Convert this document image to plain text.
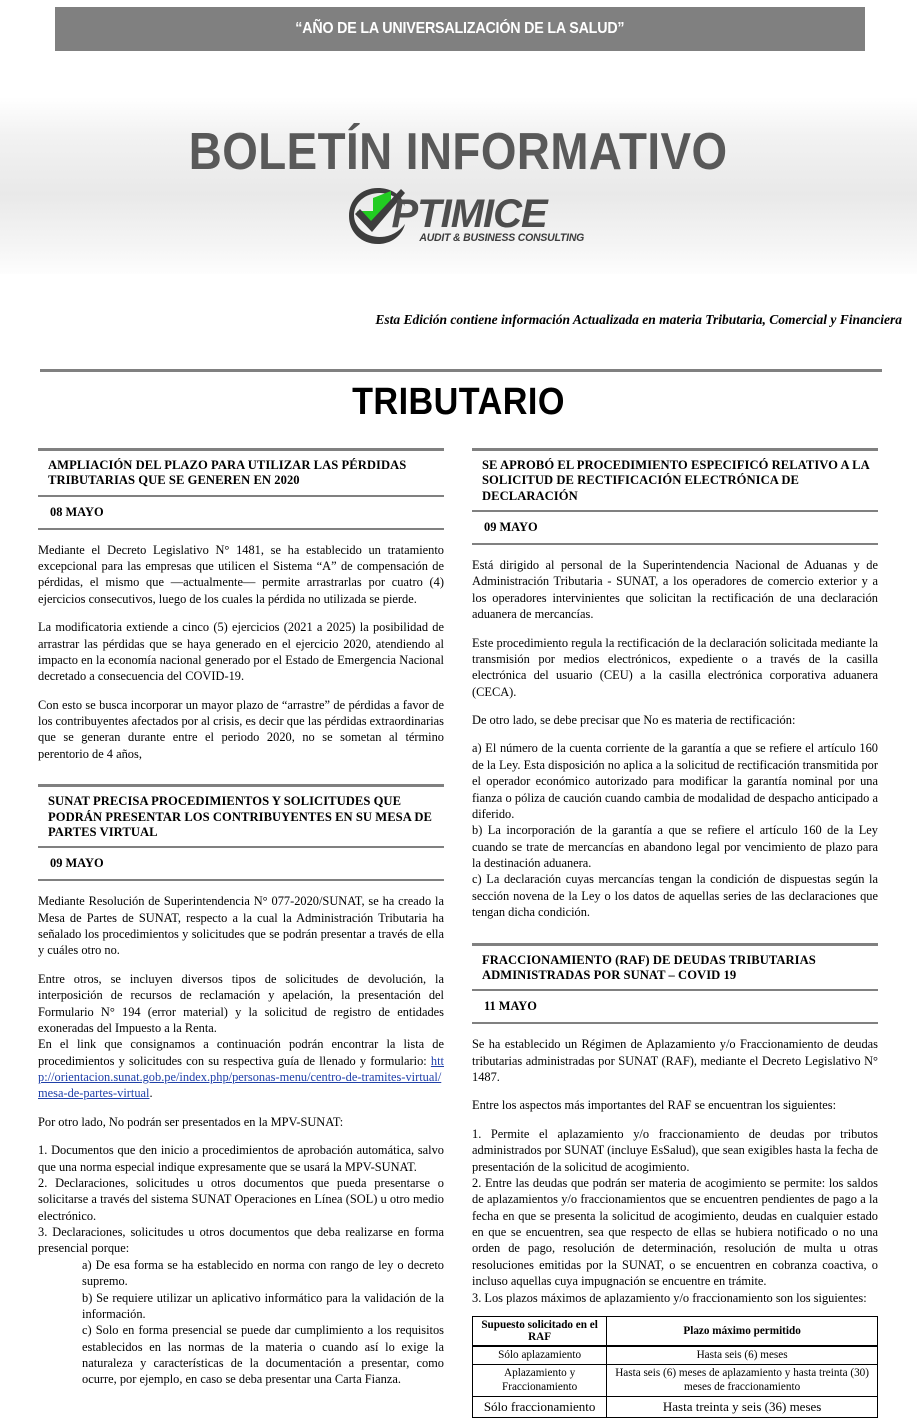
“AÑO DE LA UNIVERSALIZACIÓN DE LA SALUD”
BOLETÍN INFORMATIVO
PTIMICE
AUDIT & BUSINESS CONSULTING
Esta Edición contiene información Actualizada en materia Tributaria, Comercial y Financiera
TRIBUTARIO
AMPLIACIÓN DEL PLAZO PARA UTILIZAR LAS PÉRDIDAS TRIBUTARIAS QUE SE GENEREN EN 2020
08 MAYO

Mediante el Decreto Legislativo N° 1481, se ha establecido un tratamiento excepcional para las empresas que utilicen el Sistema “A” de compensación de pérdidas, el mismo que —actualmente— permite arrastrarlas por cuatro (4) ejercicios consecutivos, luego de los cuales la pérdida no utilizada se pierde.

La modificatoria extiende a cinco (5) ejercicios (2021 a 2025) la posibilidad de arrastrar las pérdidas que se haya generado en el ejercicio 2020, atendiendo al impacto en la economía nacional generado por el Estado de Emergencia Nacional decretado a consecuencia del COVID-19.

Con esto se busca incorporar un mayor plazo de “arrastre” de pérdidas a favor de los contribuyentes afectados por al crisis, es decir que las pérdidas extraordinarias que se generan durante entre el periodo 2020, no se sometan al término perentorio de 4 años,

SUNAT PRECISA PROCEDIMIENTOS Y SOLICITUDES QUE PODRÁN PRESENTAR LOS CONTRIBUYENTES EN SU MESA DE PARTES VIRTUAL
09 MAYO

Mediante Resolución de Superintendencia N° 077-2020/SUNAT, se ha creado la Mesa de Partes de SUNAT, respecto a la cual la Administración Tributaria ha señalado los procedimientos y solicitudes que se podrán presentar a través de ella y cuáles otro no.

Entre otros, se incluyen diversos tipos de solicitudes de devolución, la interposición de recursos de reclamación y apelación, la presentación del Formulario N° 194 (error material) y la solicitud de registro de entidades exoneradas del Impuesto a la Renta.

En el link que consignamos a continuación podrán encontrar la lista de procedimientos y solicitudes con su respectiva guía de llenado y formulario: http://orientacion.sunat.gob.pe/index.php/personas-menu/centro-de-tramites-virtual/mesa-de-partes-virtual.

Por otro lado, No podrán ser presentados en la MPV-SUNAT:

1. Documentos que den inicio a procedimientos de aprobación automática, salvo que una norma especial indique expresamente que se usará la MPV-SUNAT.

2. Declaraciones, solicitudes u otros documentos que pueda presentarse o solicitarse a través del sistema SUNAT Operaciones en Línea (SOL) u otro medio electrónico.

3. Declaraciones, solicitudes u otros documentos que deba realizarse en forma presencial porque:

a) De esa forma se ha establecido en norma con rango de ley o decreto supremo.

b) Se requiere utilizar un aplicativo informático para la validación de la información.

c) Solo en forma presencial se puede dar cumplimiento a los requisitos establecidos en las normas de la materia o cuando así lo exige la naturaleza y características de la documentación a presentar, como ocurre, por ejemplo, en caso se deba presentar una Carta Fianza.

SE APROBÓ EL PROCEDIMIENTO ESPECIFICÓ RELATIVO A LA SOLICITUD DE RECTIFICACIÓN ELECTRÓNICA DE DECLARACIÓN
09 MAYO

Está dirigido al personal de la Superintendencia Nacional de Aduanas y de Administración Tributaria - SUNAT, a los operadores de comercio exterior y a los operadores intervinientes que solicitan la rectificación de una declaración aduanera de mercancías.

Este procedimiento regula la rectificación de la declaración solicitada mediante la transmisión por medios electrónicos, expediente o a través de la casilla electrónica del usuario (CEU) a la casilla electrónica corporativa aduanera (CECA).

De otro lado, se debe precisar que No es materia de rectificación:

a) El número de la cuenta corriente de la garantía a que se refiere el artículo 160 de la Ley. Esta disposición no aplica a la solicitud de rectificación transmitida por el operador económico autorizado para modificar la garantía nominal por una fianza o póliza de caución cuando cambia de modalidad de despacho anticipado a diferido.

b) La incorporación de la garantía a que se refiere el artículo 160 de la Ley cuando se trate de mercancías en abandono legal por vencimiento de plazo para la destinación aduanera.

c) La declaración cuyas mercancías tengan la condición de dispuestas según la sección novena de la Ley o los datos de aquellas series de las declaraciones que tengan dicha condición.

FRACCIONAMIENTO (RAF) DE DEUDAS TRIBUTARIAS ADMINISTRADAS POR SUNAT – COVID 19
11 MAYO

Se ha establecido un Régimen de Aplazamiento y/o Fraccionamiento de deudas tributarias administradas por SUNAT (RAF), mediante el Decreto Legislativo N° 1487.

Entre los aspectos más importantes del RAF se encuentran los siguientes:

1. Permite el aplazamiento y/o fraccionamiento de deudas por tributos administrados por SUNAT (incluye EsSalud), que sean exigibles hasta la fecha de presentación de la solicitud de acogimiento.

2. Entre las deudas que podrán ser materia de acogimiento se permite: los saldos de aplazamientos y/o fraccionamientos que se encuentren pendientes de pago a la fecha en que se presenta la solicitud de acogimiento, deudas en cualquier estado en que se encuentren, sea que respecto de ellas se hubiera notificado o no una orden de pago, resolución de determinación, resolución de multa u otras resoluciones emitidas por la SUNAT, o se encuentren en cobranza coactiva, o incluso aquellas cuya impugnación se encuentre en trámite.

3. Los plazos máximos de aplazamiento y/o fraccionamiento son los siguientes:

Supuesto solicitado en el RAF	Plazo máximo permitido
Sólo aplazamiento	Hasta seis (6) meses
Aplazamiento y Fraccionamiento	Hasta seis (6) meses de aplazamiento y hasta treinta (30) meses de fraccionamiento
Sólo fraccionamiento	Hasta treinta y seis (36) meses
